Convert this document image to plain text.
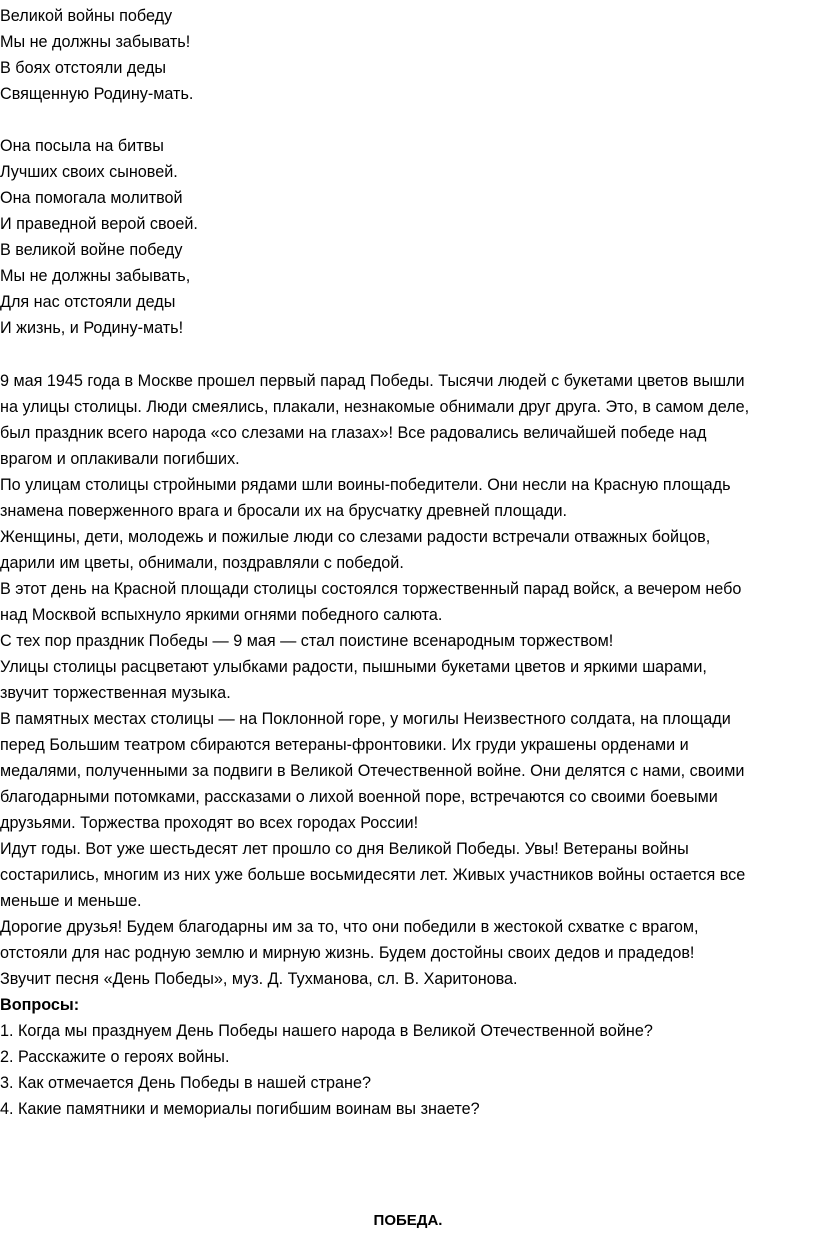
Великой войны победу
Мы не должны забывать!
В боях отстояли деды
Священную Родину-мать.
Она посыла на битвы
Лучших своих сыновей.
Она помогала молитвой
И праведной верой своей.
В великой войне победу
Мы не должны забывать,
Для нас отстояли деды
И жизнь, и Родину-мать!
9 мая 1945 года в Москве прошел первый парад Победы. Тысячи людей с букетами цветов вышли
на улицы столицы. Люди смеялись, плакали, незнакомые обнимали друг друга. Это, в самом деле,
был праздник всего народа «со слезами на глазах»! Все радовались величайшей победе над
врагом и оплакивали погибших.
По улицам столицы стройными рядами шли воины-победители. Они несли на Красную площадь
знамена поверженного врага и бросали их на брусчатку древней площади.
Женщины, дети, молодежь и пожилые люди со слезами радости встречали отважных бойцов,
дарили им цветы, обнимали, поздравляли с победой.
В этот день на Красной площади столицы состоялся торжественный парад войск, а вечером небо
над Москвой вспыхнуло яркими огнями победного салюта.
С тех пор праздник Победы — 9 мая — стал поистине всенародным торжеством!
Улицы столицы расцветают улыбками радости, пышными букетами цветов и яркими шарами,
звучит торжественная музыка.
В памятных местах столицы — на Поклонной горе, у могилы Неизвестного солдата, на площади
перед Большим театром сбираются ветераны-фронтовики. Их груди украшены орденами и
медалями, полученными за подвиги в Великой Отечественной войне. Они делятся с нами, своими
благодарными потомками, рассказами о лихой военной поре, встречаются со своими боевыми
друзьями. Торжества проходят во всех городах России!
Идут годы. Вот уже шестьдесят лет прошло со дня Великой Победы. Увы! Ветераны войны
состарились, многим из них уже больше восьмидесяти лет. Живых участников войны остается все
меньше и меньше.
Дорогие друзья! Будем благодарны им за то, что они победили в жестокой схватке с врагом,
отстояли для нас родную землю и мирную жизнь. Будем достойны своих дедов и прадедов!
Звучит песня «День Победы», муз. Д. Тухманова, сл. В. Харитонова.
Вопросы:
1. Когда мы празднуем День Победы нашего народа в Великой Отечественной войне?
2. Расскажите о героях войны.
3. Как отмечается День Победы в нашей стране?
4. Какие памятники и мемориалы погибшим воинам вы знаете?
ПОБЕДА.
